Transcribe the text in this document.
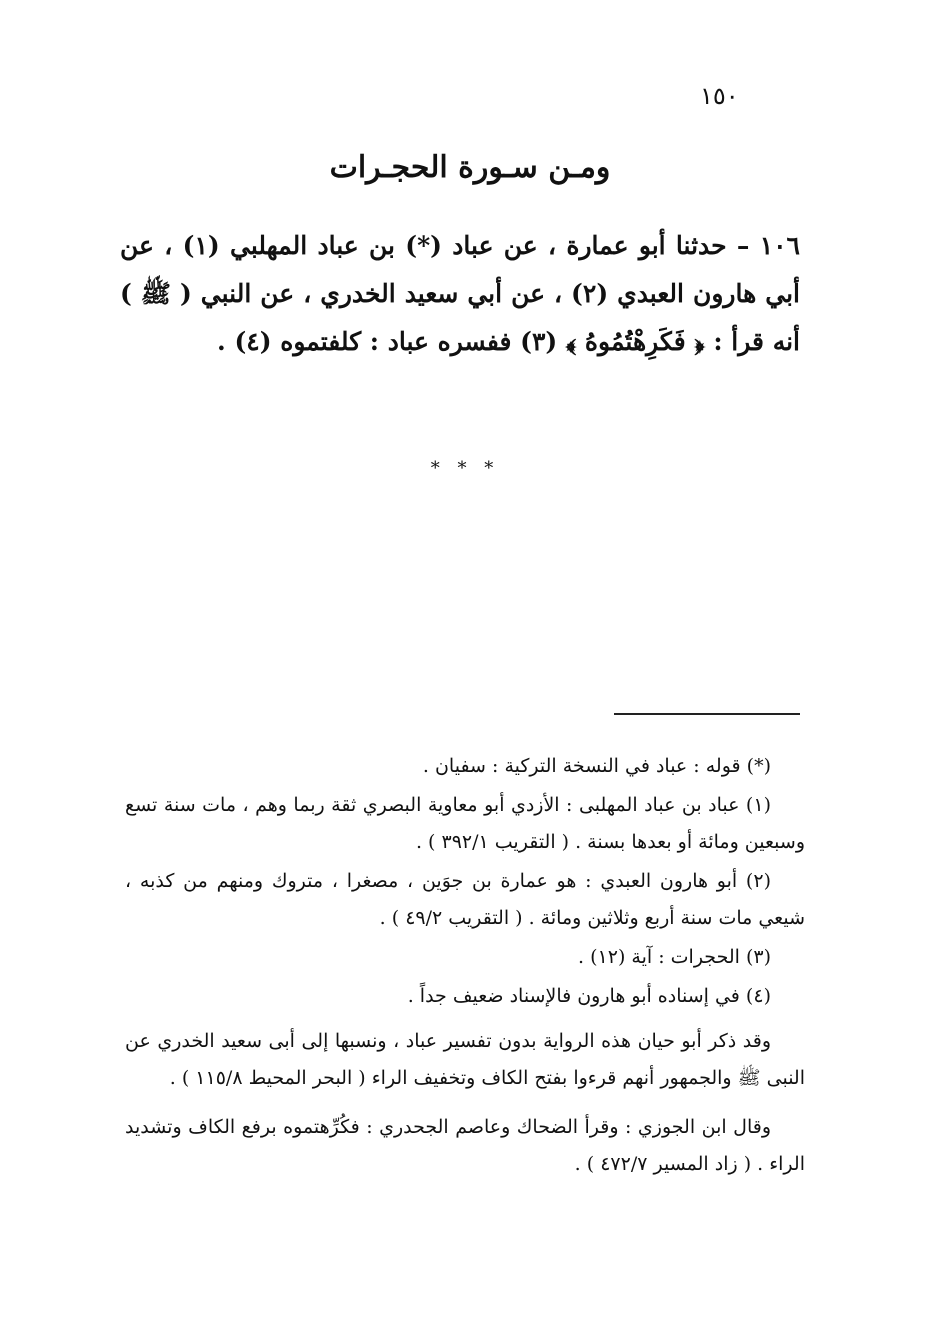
١٥٠
ومـن سـورة الحجـرات

١٠٦ – حدثنا أبو عمارة ، عن عباد (*) بن عباد المهلبي (١) ، عن أبي هارون العبدي (٢) ، عن أبي سعيد الخدري ، عن النبي ( ﷺ ) أنه قرأ : ﴿ فَكَرِهْتُمُوهُ ﴾ (٣) ففسره عباد : كلفتموه (٤) .

* * *

(*) قوله : عباد في النسخة التركية : سفيان .

(١) عباد بن عباد المهلبى : الأزدي أبو معاوية البصري ثقة ربما وهم ، مات سنة تسع وسبعين ومائة أو بعدها بسنة . ( التقريب ٣٩٢/١ ) .

(٢) أبو هارون العبدي : هو عمارة بن جوَين ، مصغرا ، متروك ومنهم من كذبه ، شيعي مات سنة أربع وثلاثين ومائة . ( التقريب ٤٩/٢ ) .

(٣) الحجرات : آية (١٢) .

(٤) في إسناده أبو هارون فالإسناد ضعيف جداً .

وقد ذكر أبو حيان هذه الرواية بدون تفسير عباد ، ونسبها إلى أبى سعيد الخدري عن النبى ﷺ والجمهور أنهم قرءوا بفتح الكاف وتخفيف الراء ( البحر المحيط ١١٥/٨ ) .

وقال ابن الجوزي : وقرأ الضحاك وعاصم الجحدري : فكُرِّهتموه برفع الكاف وتشديد الراء . ( زاد المسير ٤٧٢/٧ ) .
